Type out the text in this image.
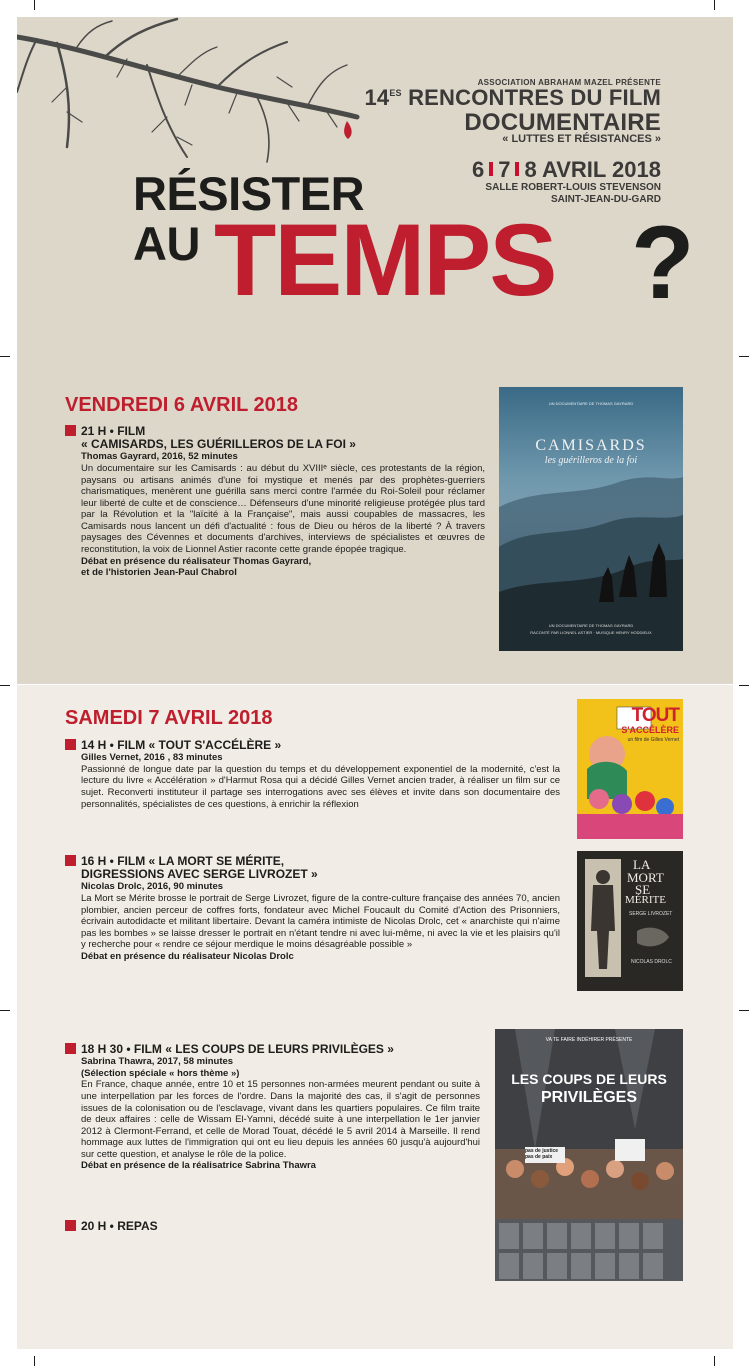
ASSOCIATION ABRAHAM MAZEL PRÉSENTE
$14^{ES}$ RENCONTRES DU FILM
DOCUMENTAIRE
« LUTTES ET RÉSISTANCES »
6 7 8 AVRIL 2018
SALLE ROBERT-LOUIS STEVENSON
SAINT-JEAN-DU-GARD
RÉSISTER
AU TEMPS ?
VENDREDI 6 AVRIL 2018
21 H • FILM
« CAMISARDS, LES GUÉRILLEROS DE LA FOI »
Thomas Gayrard, 2016, 52 minutes
Un documentaire sur les Camisards : au début du XVIIIᵉ siècle, ces protestants de la région, paysans ou artisans animés d'une foi mystique et menés par des prophètes-guerriers charismatiques, menèrent une guérilla sans merci contre l'armée du Roi-Soleil pour réclamer leur liberté de culte et de conscience… Défenseurs d'une minorité religieuse protégée plus tard par la Révolution et la "laïcité à la Française", mais aussi coupables de massacres, les Camisards nous lancent un défi d'actualité : fous de Dieu ou héros de la liberté ? À travers paysages des Cévennes et documents d'archives, interviews de spécialistes et œuvres de reconstitution, la voix de Lionnel Astier raconte cette grande épopée tragique.
Débat en présence du réalisateur Thomas Gayrard,
et de l'historien Jean-Paul Chabrol
UN DOCUMENTAIRE DE THOMAS GAYRARD
CAMISARDS
les guérilleros de la foi
UN DOCUMENTAIRE DE THOMAS GAYRARD
RACONTÉ PAR LIONNEL ASTIER · MUSIQUE HENRY HODDIEUX
SAMEDI 7 AVRIL 2018
14 H • FILM « TOUT S'ACCÉLÈRE »
Gilles Vernet, 2016 , 83 minutes
Passionné de longue date par la question du temps et du développement exponentiel de la modernité, c'est la lecture du livre « Accélération » d'Harmut Rosa qui a décidé Gilles Vernet ancien trader, à réaliser un film sur ce sujet. Reconverti instituteur il partage ses interrogations avec ses élèves et invite dans son documentaire des personnalités, spécialistes de ces questions, à enrichir la réflexion
TOUT
S'ACCÉLÈRE
un film de Gilles Vernet
16 H • FILM « LA MORT SE MÉRITE,
DIGRESSIONS AVEC SERGE LIVROZET »
Nicolas Drolc, 2016, 90 minutes
La Mort se Mérite brosse le portrait de Serge Livrozet, figure de la contre-culture française des années 70, ancien plombier, ancien perceur de coffres forts, fondateur avec Michel Foucault du Comité d'Action des Prisonniers, écrivain autodidacte et militant libertaire. Devant la caméra intimiste de Nicolas Drolc, cet « anarchiste qui n'aime pas les bombes » se laisse dresser le portrait en n'étant tendre ni avec lui-même, ni avec la vie et les plaisirs qu'il y recherche pour « rendre ce séjour merdique le moins désagréable possible »
Débat en présence du réalisateur Nicolas Drolc
LA
MORT
SE
MÉRITE
SERGE LIVROZET
NICOLAS DROLC
18 H 30 • FILM « LES COUPS DE LEURS PRIVILÈGES »
Sabrina Thawra, 2017, 58 minutes
(Sélection spéciale « hors thème »)
En France, chaque année, entre 10 et 15 personnes non-armées meurent pendant ou suite à une interpellation par les forces de l'ordre. Dans la majorité des cas, il s'agit de personnes issues de la colonisation ou de l'esclavage, vivant dans les quartiers populaires. Ce film traite de deux affaires : celle de Wissam El-Yamni, décédé suite à une interpellation le 1er janvier 2012 à Clermont-Ferrand, et celle de Morad Touat, décédé le 5 avril 2014 à Marseille. Il rend hommage aux luttes de l'immigration qui ont eu lieu depuis les années 60 jusqu'à aujourd'hui sur cette question, et analyse le rôle de la police.
Débat en présence de la réalisatrice Sabrina Thawra
VA TE FAIRE INDÉHIRER PRÉSENTE
LES COUPS DE LEURS
PRIVILÈGES
pas de justice pas de paix
20 H • REPAS
